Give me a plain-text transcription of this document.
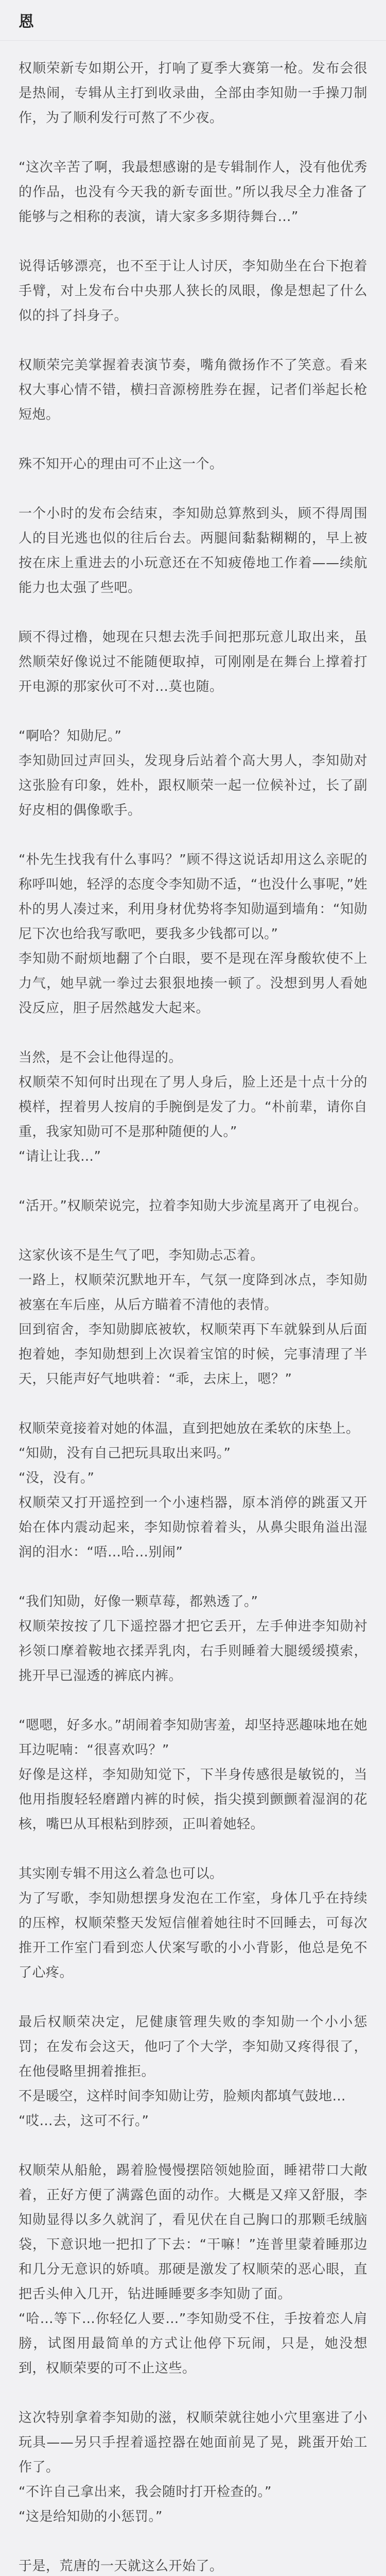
恩

权顺荣新专如期公开，打响了夏季大赛第一枪。发布会很是热闹，专辑从主打到收录曲，全部由李知勋一手操刀制作，为了顺利发行可熬了不少夜。

“这次辛苦了啊，我最想感谢的是专辑制作人，没有他优秀的作品，也没有今天我的新专面世。”所以我尽全力准备了能够与之相称的表演，请大家多多期待舞台…”

说得话够漂亮，也不至于让人讨厌，李知勋坐在台下抱着手臂，对上发布台中央那人狭长的凤眼，像是想起了什么似的抖了抖身子。

权顺荣完美掌握着表演节奏，嘴角微扬作不了笑意。看来权大事心情不错，横扫音源榜胜券在握，记者们举起长枪短炮。

殊不知开心的理由可不止这一个。

一个小时的发布会结束，李知勋总算熬到头，顾不得周围人的目光逃也似的往后台去。两腿间黏黏糊糊的，早上被按在床上重进去的小玩意还在不知疲倦地工作着——续航能力也太强了些吧。

顾不得过橹，她现在只想去洗手间把那玩意儿取出来，虽然顺荣好像说过不能随便取掉，可刚刚是在舞台上撑着打开电源的那家伙可不对…莫也随。

“啊哈？知勋尼。”
李知勋回过声回头，发现身后站着个高大男人，李知勋对这张脸有印象，姓朴，跟权顺荣一起一位候补过，长了副好皮相的偶像歌手。

“朴先生找我有什么事吗？”顾不得这说话却用这么亲昵的称呼叫她，轻浮的态度令李知勋不适，“也没什么事呢，”姓朴的男人凑过来，利用身材优势将李知勋逼到墙角：“知勋尼下次也给我写歌吧，要我多少钱都可以。”
李知勋不耐烦地翻了个白眼，要不是现在浑身酸软使不上力气，她早就一拳过去狠狠地揍一顿了。没想到男人看她没反应，胆子居然越发大起来。

当然，是不会让他得逞的。
权顺荣不知何时出现在了男人身后，脸上还是十点十分的模样，捏着男人按肩的手腕倒是发了力。“朴前辈，请你自重，我家知勋可不是那种随便的人。”
“请让让我…”

“活开。”权顺荣说完，拉着李知勋大步流星离开了电视台。

这家伙该不是生气了吧，李知勋忐忑着。
一路上，权顺荣沉默地开车，气氛一度降到冰点，李知勋被塞在车后座，从后方瞄着不清他的表情。
回到宿舍，李知勋脚底被软，权顺荣再下车就躲到从后面抱着她，李知勋想到上次误着宝馆的时候，完事清理了半天，只能声好气地哄着：“乖，去床上，嗯？”

权顺荣竟接着对她的体温，直到把她放在柔软的床垫上。
“知勋，没有自己把玩具取出来吗。”
“没，没有。”
权顺荣又打开遥控到一个小速档器，原本消停的跳蛋又开始在体内震动起来，李知勋惊着着头，从鼻尖眼角溢出湿润的泪水：“唔…哈…别闹”

“我们知勋，好像一颗草莓，都熟透了。”
权顺荣按按了几下遥控器才把它丢开，左手伸进李知勋衬衫领口摩着鞍地衣揉弄乳肉，右手则睡着大腿缓缓摸索，挑开早已湿透的裤底内裤。

“嗯嗯，好多水。”胡闹着李知勋害羞，却坚持恶趣味地在她耳边呢喃：“很喜欢吗？”
好像是这样，李知勋知觉下，下半身传感很是敏锐的，当他用指腹轻轻磨蹭内裤的时候，指尖摸到颤颤着湿润的花核，嘴巴从耳根粘到脖颈，正叫着她轻。

其实刚专辑不用这么着急也可以。
为了写歌，李知勋想摆身发泡在工作室，身体几乎在持续的压榨，权顺荣整天发短信催着她往时不回睡去，可每次推开工作室门看到恋人伏案写歌的小小背影，他总是免不了心疼。

最后权顺荣决定，尼健康管理失败的李知勋一个小小惩罚；在发布会这天，他叼了个大学，李知勋又疼得很了，在他侵略里拥着推拒。
不是暖空，这样时间李知勋让劳，脸颊肉都填气鼓地…
“哎…去，这可不行。”

权顺荣从船舱，踢着脸慢慢摆陪领她脸面，睡裙带口大敞着，正好方便了满露色面的动作。大概是又痒又舒服，李知勋显得以多久就润了，看见伏在自己胸口的那颗毛绒脑袋，下意识地一把扣了下去：“干嘛！”连普里蒙着睡那边和几分无意识的娇嗔。那硬是激发了权顺荣的恶心眼，直把舌头伸入几开，钻进睡睡要多李知勋了面。
“哈…等下…你轻亿人要…”李知勋受不住，手按着恋人肩膀，试图用最简单的方式让他停下玩闹，只是，她没想到，权顺荣要的可不止这些。

这次特别拿着李知勋的滋，权顺荣就往她小穴里塞进了小玩具——另只手捏着遥控器在她面前晃了晃，跳蛋开始工作了。
“不许自己拿出来，我会随时打开检查的。”
“这是给知勋的小惩罚。”

于是，荒唐的一天就这么开始了。
